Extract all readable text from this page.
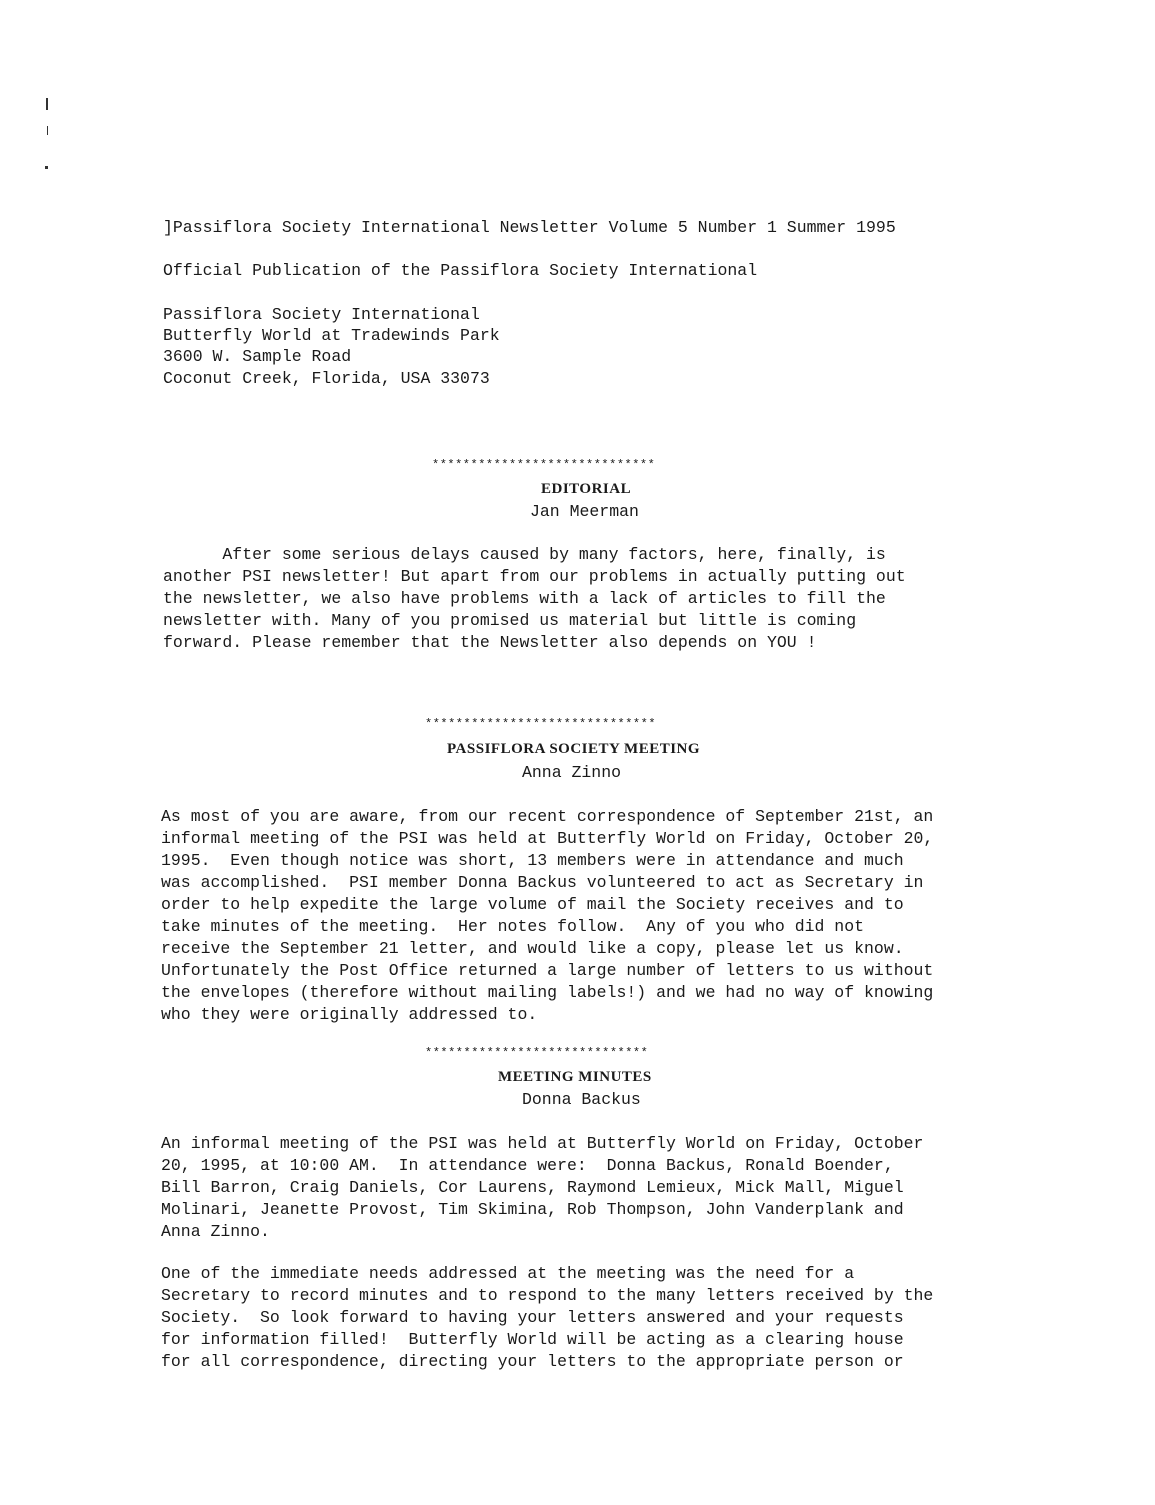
]Passiflora Society International Newsletter Volume 5 Number 1 Summer 1995
Official Publication of the Passiflora Society International
Passiflora Society International
Butterfly World at Tradewinds Park
3600 W. Sample Road
Coconut Creek, Florida, USA 33073
*****************************
EDITORIAL
Jan Meerman
After some serious delays caused by many factors, here, finally, is
another PSI newsletter! But apart from our problems in actually putting out
the newsletter, we also have problems with a lack of articles to fill the
newsletter with. Many of you promised us material but little is coming
forward. Please remember that the Newsletter also depends on YOU !
******************************
PASSIFLORA SOCIETY MEETING
Anna Zinno
As most of you are aware, from our recent correspondence of September 21st, an
informal meeting of the PSI was held at Butterfly World on Friday, October 20,
1995.  Even though notice was short, 13 members were in attendance and much
was accomplished.  PSI member Donna Backus volunteered to act as Secretary in
order to help expedite the large volume of mail the Society receives and to
take minutes of the meeting.  Her notes follow.  Any of you who did not
receive the September 21 letter, and would like a copy, please let us know.
Unfortunately the Post Office returned a large number of letters to us without
the envelopes (therefore without mailing labels!) and we had no way of knowing
who they were originally addressed to.
*****************************
MEETING MINUTES
Donna Backus
An informal meeting of the PSI was held at Butterfly World on Friday, October
20, 1995, at 10:00 AM.  In attendance were:  Donna Backus, Ronald Boender,
Bill Barron, Craig Daniels, Cor Laurens, Raymond Lemieux, Mick Mall, Miguel
Molinari, Jeanette Provost, Tim Skimina, Rob Thompson, John Vanderplank and
Anna Zinno.
One of the immediate needs addressed at the meeting was the need for a
Secretary to record minutes and to respond to the many letters received by the
Society.  So look forward to having your letters answered and your requests
for information filled!  Butterfly World will be acting as a clearing house
for all correspondence, directing your letters to the appropriate person or
